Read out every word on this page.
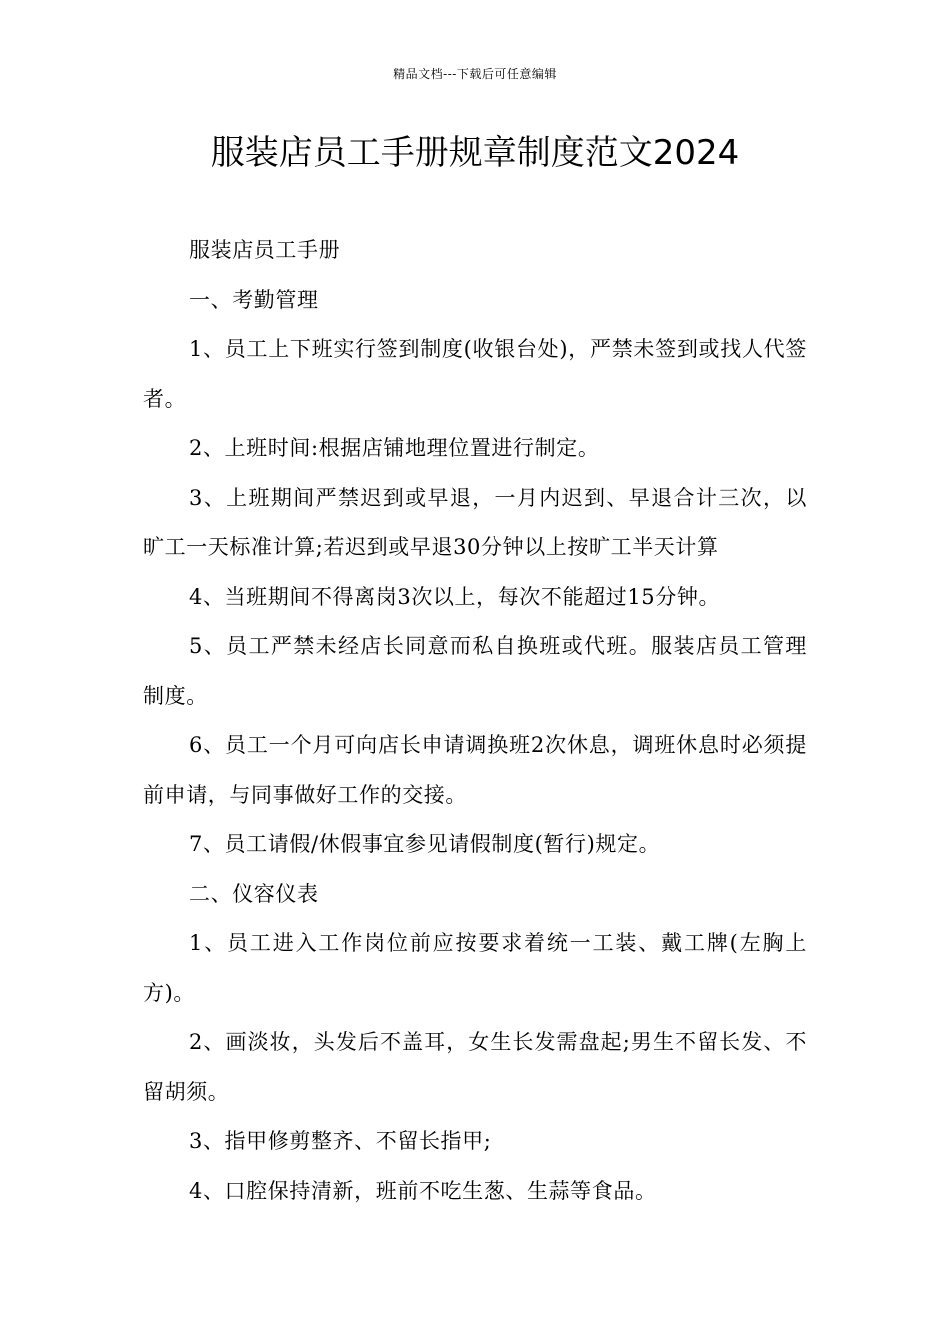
精品文档---下载后可任意编辑
服装店员工手册规章制度范文2024

服装店员工手册

一、考勤管理

1、员工上下班实行签到制度(收银台处)，严禁未签到或找人代签者。

2、上班时间:根据店铺地理位置进行制定。

3、上班期间严禁迟到或早退，一月内迟到、早退合计三次，以旷工一天标准计算;若迟到或早退30分钟以上按旷工半天计算

4、当班期间不得离岗3次以上，每次不能超过15分钟。

5、员工严禁未经店长同意而私自换班或代班。服装店员工管理制度。

6、员工一个月可向店长申请调换班2次休息，调班休息时必须提前申请，与同事做好工作的交接。

7、员工请假/休假事宜参见请假制度(暂行)规定。

二、仪容仪表

1、员工进入工作岗位前应按要求着统一工装、戴工牌(左胸上方)。

2、画淡妆，头发后不盖耳，女生长发需盘起;男生不留长发、不留胡须。

3、指甲修剪整齐、不留长指甲;

4、口腔保持清新，班前不吃生葱、生蒜等食品。
